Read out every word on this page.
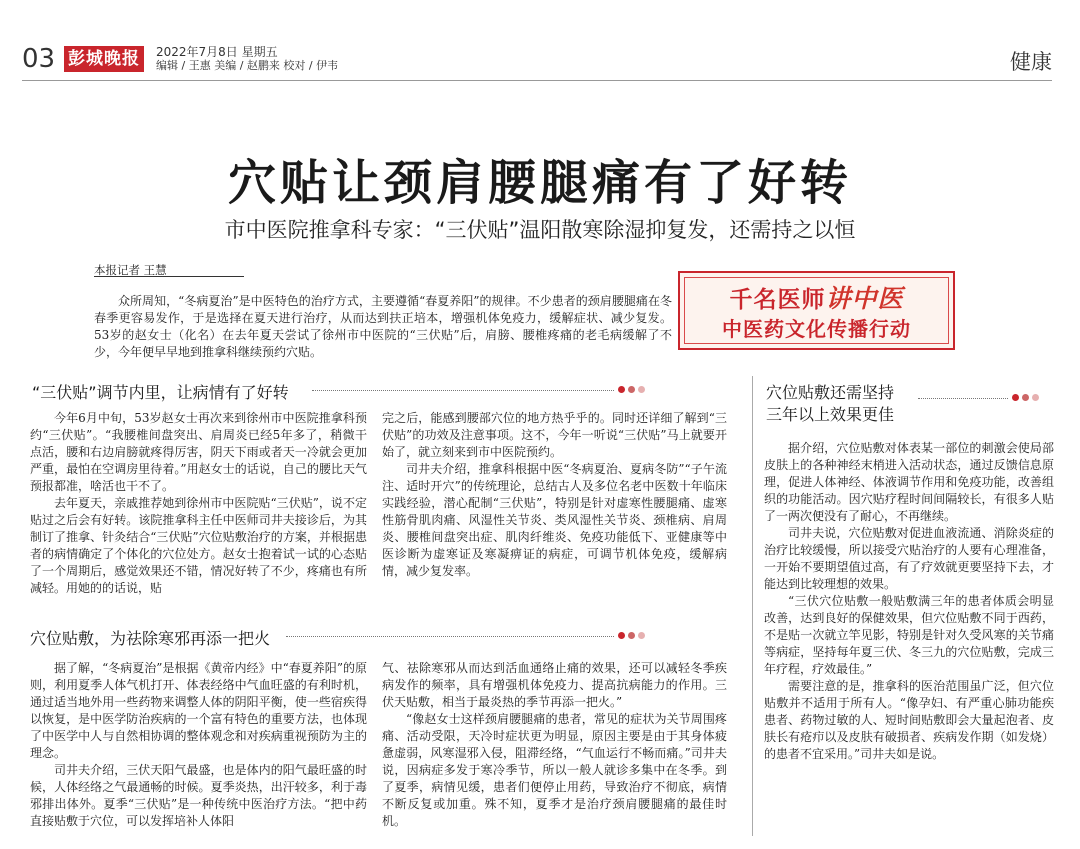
03 彭城晚报	2022年7月8日 星期五
编辑 / 王惠 美编 / 赵鹏来 校对 / 伊韦	健康
穴贴让颈肩腰腿痛有了好转
市中医院推拿科专家：“三伏贴”温阳散寒除湿抑复发，还需持之以恒
本报记者 王慧
众所周知，“冬病夏治”是中医特色的治疗方式，主要遵循“春夏养阳”的规律。不少患者的颈肩腰腿痛在冬春季更容易发作，于是选择在夏天进行治疗，从而达到扶正培本，增强机体免疫力，缓解症状、减少复发。53岁的赵女士（化名）在去年夏天尝试了徐州市中医院的“三伏贴”后，肩膀、腰椎疼痛的老毛病缓解了不少，今年便早早地到推拿科继续预约穴贴。
千名医师讲中医
中医药文化传播行动
“三伏贴”调节内里，让病情有了好转

今年6月中旬，53岁赵女士再次来到徐州市中医院推拿科预约“三伏贴”。“我腰椎间盘突出、肩周炎已经5年多了，稍微干点活，腰和右边肩膀就疼得厉害，阴天下雨或者天一冷就会更加严重，最怕在空调房里待着。”用赵女士的话说，自己的腰比天气预报都准，啥活也干不了。

去年夏天，亲戚推荐她到徐州市中医院贴“三伏贴”，说不定贴过之后会有好转。该院推拿科主任中医师司井夫接诊后，为其制订了推拿、针灸结合“三伏贴”穴位贴敷治疗的方案，并根据患者的病情确定了个体化的穴位处方。赵女士抱着试一试的心态贴了一个周期后，感觉效果还不错，情况好转了不少，疼痛也有所减轻。用她的的话说，贴

完之后，能感到腰部穴位的地方热乎乎的。同时还详细了解到“三伏贴”的功效及注意事项。这不，今年一听说“三伏贴”马上就要开始了，就立刻来到市中医院预约。

司井夫介绍，推拿科根据中医“冬病夏治、夏病冬防”“子午流注、适时开穴”的传统理论，总结古人及多位名老中医数十年临床实践经验，潜心配制“三伏贴”，特别是针对虚寒性腰腿痛、虚寒性筋骨肌肉痛、风湿性关节炎、类风湿性关节炎、颈椎病、肩周炎、腰椎间盘突出症、肌肉纤维炎、免疫功能低下、亚健康等中医诊断为虚寒证及寒凝痹证的病症，可调节机体免疫，缓解病情，减少复发率。

穴位贴敷，为祛除寒邪再添一把火

据了解，“冬病夏治”是根据《黄帝内经》中“春夏养阳”的原则，利用夏季人体气机打开、体表经络中气血旺盛的有利时机，通过适当地外用一些药物来调整人体的阴阳平衡，使一些宿疾得以恢复，是中医学防治疾病的一个富有特色的重要方法，也体现了中医学中人与自然相协调的整体观念和对疾病重视预防为主的理念。

司井夫介绍，三伏天阳气最盛，也是体内的阳气最旺盛的时候，人体经络之气最通畅的时候。夏季炎热，出汗较多，利于毒邪排出体外。夏季“三伏贴”是一种传统中医治疗方法。“把中药直接贴敷于穴位，可以发挥培补人体阳

气、祛除寒邪从而达到活血通络止痛的效果，还可以减轻冬季疾病发作的频率，具有增强机体免疫力、提高抗病能力的作用。三伏天贴敷，相当于最炎热的季节再添一把火。”

“像赵女士这样颈肩腰腿痛的患者，常见的症状为关节周围疼痛、活动受限，天冷时症状更为明显，原因主要是由于其身体疲惫虚弱，风寒湿邪入侵，阻滞经络，“气血运行不畅而痛。”司井夫说，因病症多发于寒冷季节，所以一般人就诊多集中在冬季。到了夏季，病情见缓，患者们便停止用药，导致治疗不彻底，病情不断反复或加重。殊不知，夏季才是治疗颈肩腰腿痛的最佳时机。

穴位贴敷还需坚持
三年以上效果更佳

据介绍，穴位贴敷对体表某一部位的刺激会使局部皮肤上的各种神经末梢进入活动状态，通过反馈信息原理，促进人体神经、体液调节作用和免疫功能，改善组织的功能活动。因穴贴疗程时间间隔较长，有很多人贴了一两次便没有了耐心，不再继续。

司井夫说，穴位贴敷对促进血液流通、消除炎症的治疗比较缓慢，所以接受穴贴治疗的人要有心理准备，一开始不要期望值过高，有了疗效就更要坚持下去，才能达到比较理想的效果。

“三伏穴位贴敷一般贴敷满三年的患者体质会明显改善，达到良好的保健效果，但穴位贴敷不同于西药，不是贴一次就立竿见影，特别是针对久受风寒的关节痛等病症，坚持每年夏三伏、冬三九的穴位贴敷，完成三年疗程，疗效最佳。”

需要注意的是，推拿科的医治范围虽广泛，但穴位贴敷并不适用于所有人。“像孕妇、有严重心肺功能疾患者、药物过敏的人、短时间贴敷即会大量起泡者、皮肤长有疮疖以及皮肤有破损者、疾病发作期（如发烧）的患者不宜采用。”司井夫如是说。
